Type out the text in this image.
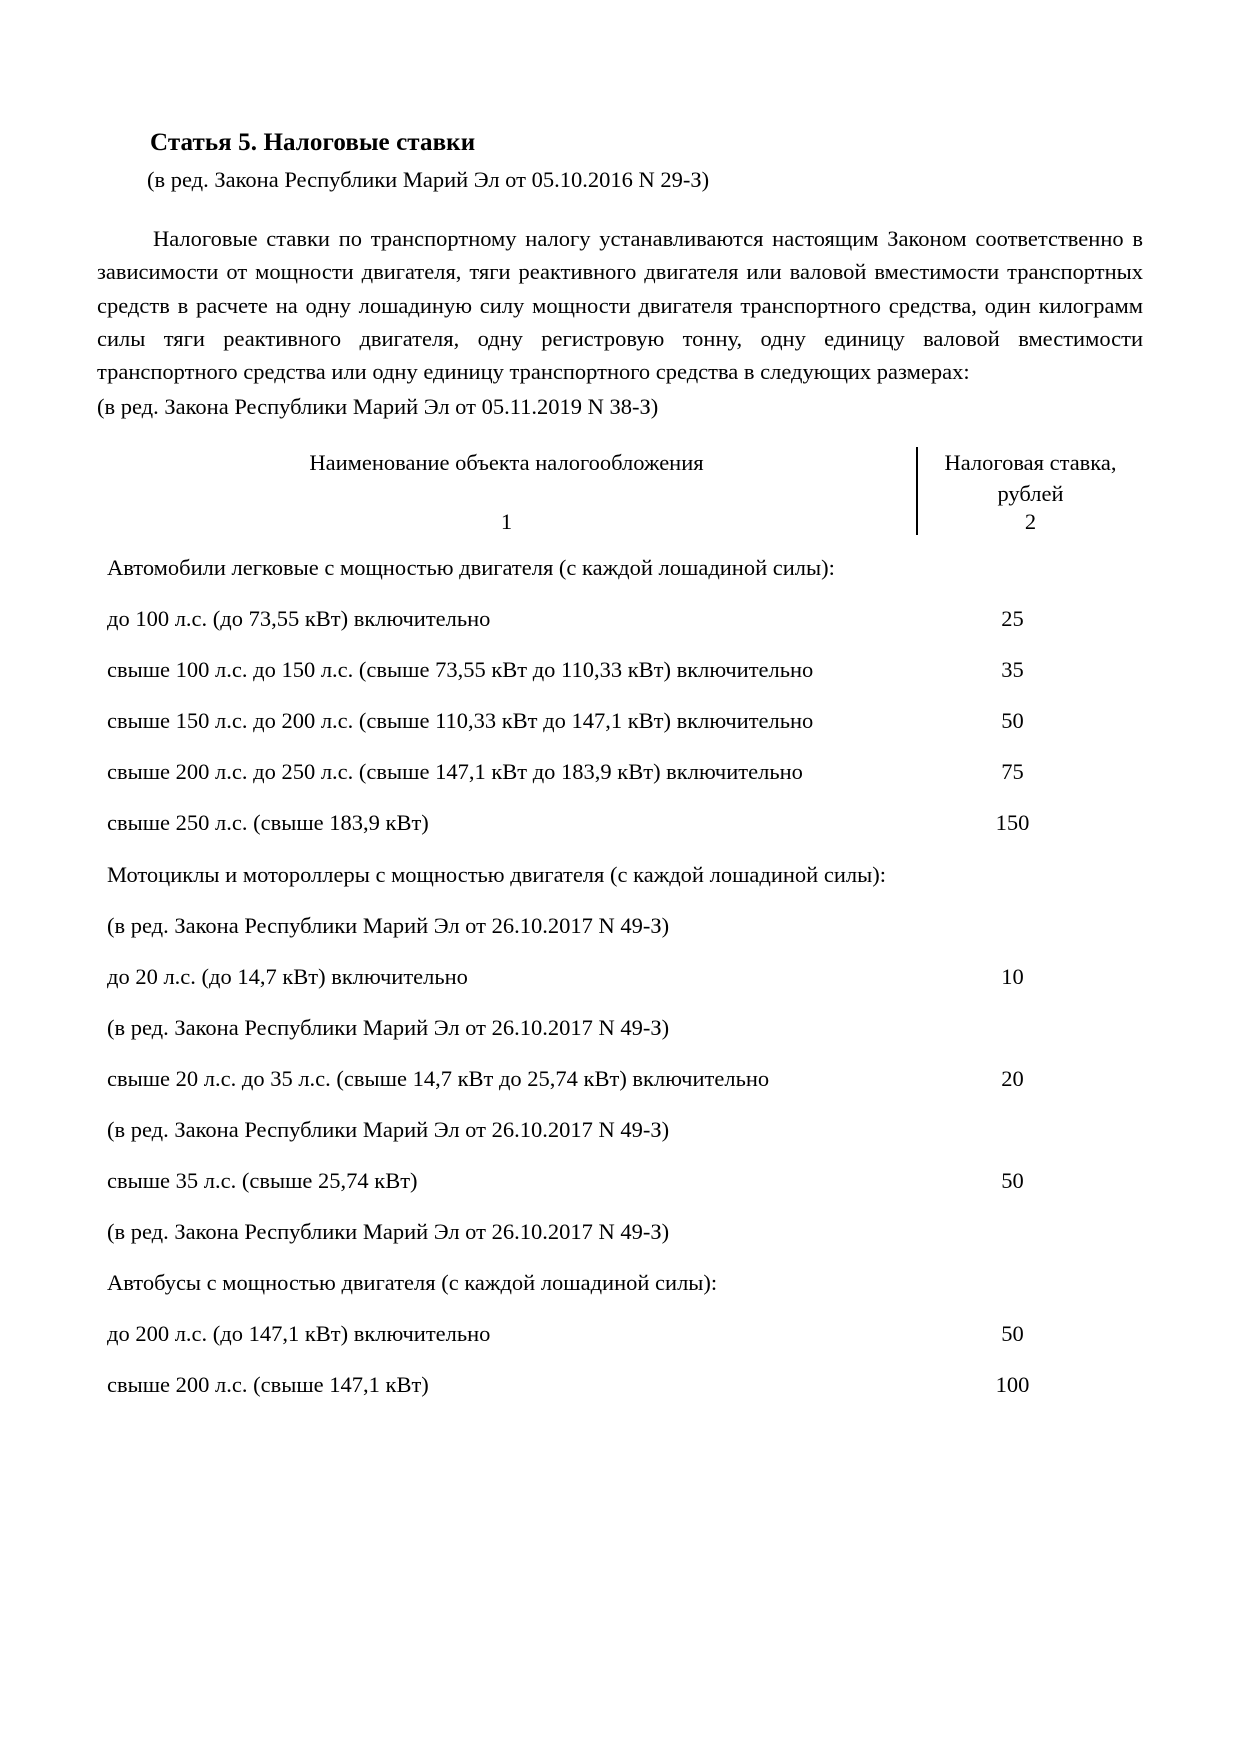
Статья 5. Налоговые ставки

(в ред. Закона Республики Марий Эл от 05.10.2016 N 29-З)

Налоговые ставки по транспортному налогу устанавливаются настоящим Законом соответственно в зависимости от мощности двигателя, тяги реактивного двигателя или валовой вместимости транспортных средств в расчете на одну лошадиную силу мощности двигателя транспортного средства, один килограмм силы тяги реактивного двигателя, одну регистровую тонну, одну единицу валовой вместимости транспортного средства или одну единицу транспортного средства в следующих размерах:

(в ред. Закона Республики Марий Эл от 05.11.2019 N 38-З)

Наименование объекта налогообложения	Налоговая ставка, рублей
1	2
Автомобили легковые с мощностью двигателя (с каждой лошадиной силы):	
до 100 л.с. (до 73,55 кВт) включительно	25
свыше 100 л.с. до 150 л.с. (свыше 73,55 кВт до 110,33 кВт) включительно	35
свыше 150 л.с. до 200 л.с. (свыше 110,33 кВт до 147,1 кВт) включительно	50
свыше 200 л.с. до 250 л.с. (свыше 147,1 кВт до 183,9 кВт) включительно	75
свыше 250 л.с. (свыше 183,9 кВт)	150
Мотоциклы и мотороллеры с мощностью двигателя (с каждой лошадиной силы):	
(в ред. Закона Республики Марий Эл от 26.10.2017 N 49-З)	
до 20 л.с. (до 14,7 кВт) включительно	10
(в ред. Закона Республики Марий Эл от 26.10.2017 N 49-З)	
свыше 20 л.с. до 35 л.с. (свыше 14,7 кВт до 25,74 кВт) включительно	20
(в ред. Закона Республики Марий Эл от 26.10.2017 N 49-З)	
свыше 35 л.с. (свыше 25,74 кВт)	50
(в ред. Закона Республики Марий Эл от 26.10.2017 N 49-З)	
Автобусы с мощностью двигателя (с каждой лошадиной силы):	
до 200 л.с. (до 147,1 кВт) включительно	50
свыше 200 л.с. (свыше 147,1 кВт)	100
